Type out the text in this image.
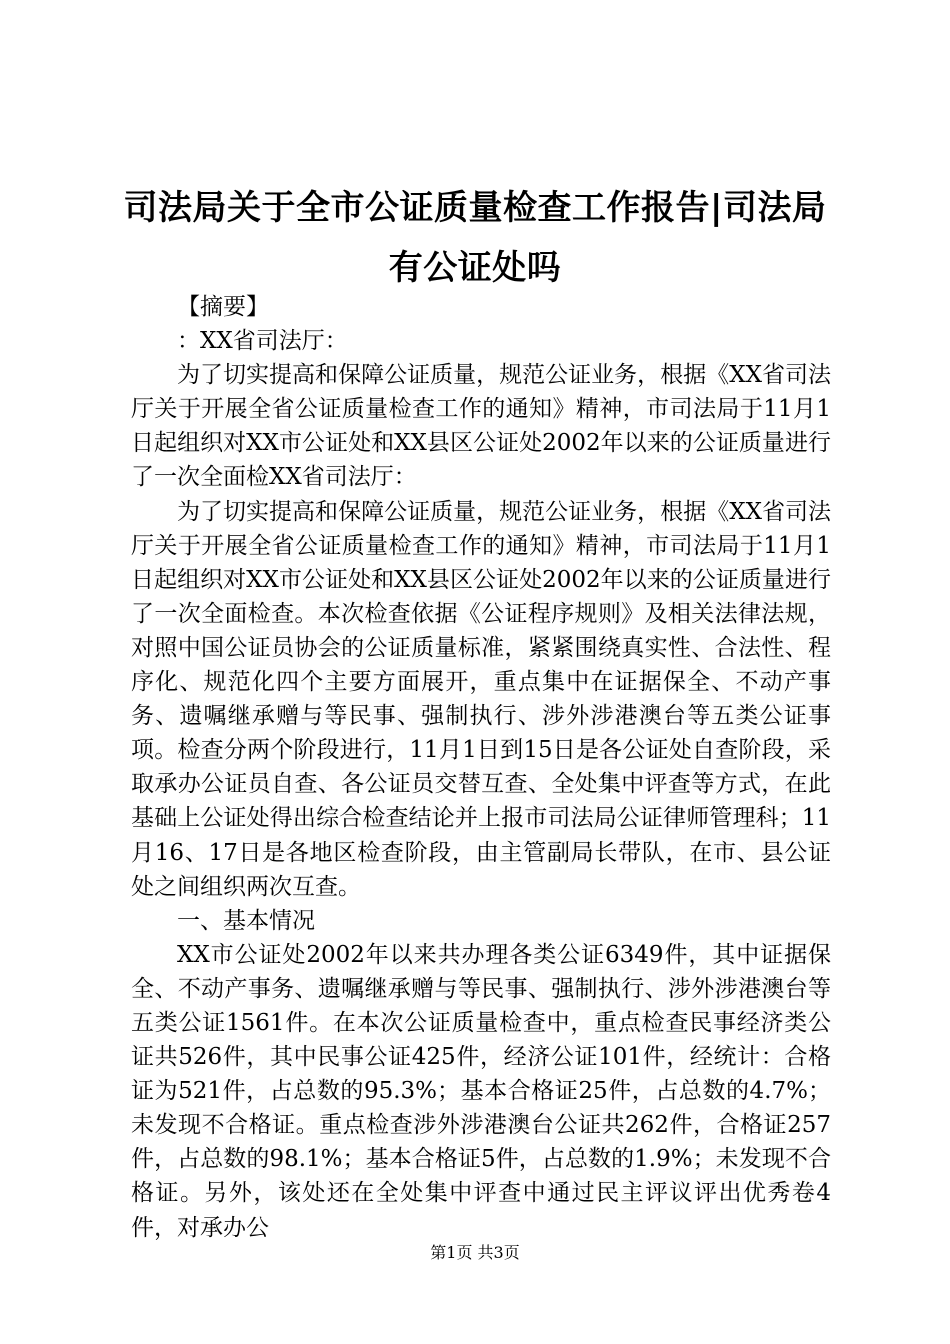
司法局关于全市公证质量检查工作报告|司法局有公证处吗

【摘要】

：XX省司法厅：

为了切实提高和保障公证质量，规范公证业务，根据《XX省司法厅关于开展全省公证质量检查工作的通知》精神，市司法局于11月1日起组织对XX市公证处和XX县区公证处2002年以来的公证质量进行了一次全面检XX省司法厅：

为了切实提高和保障公证质量，规范公证业务，根据《XX省司法厅关于开展全省公证质量检查工作的通知》精神，市司法局于11月1日起组织对XX市公证处和XX县区公证处2002年以来的公证质量进行了一次全面检查。本次检查依据《公证程序规则》及相关法律法规，对照中国公证员协会的公证质量标准，紧紧围绕真实性、合法性、程序化、规范化四个主要方面展开，重点集中在证据保全、不动产事务、遗嘱继承赠与等民事、强制执行、涉外涉港澳台等五类公证事项。检查分两个阶段进行，11月1日到15日是各公证处自查阶段，采取承办公证员自查、各公证员交替互查、全处集中评查等方式，在此基础上公证处得出综合检查结论并上报市司法局公证律师管理科；11月16、17日是各地区检查阶段，由主管副局长带队，在市、县公证处之间组织两次互查。

一、基本情况

XX市公证处2002年以来共办理各类公证6349件，其中证据保全、不动产事务、遗嘱继承赠与等民事、强制执行、涉外涉港澳台等五类公证1561件。在本次公证质量检查中，重点检查民事经济类公证共526件，其中民事公证425件，经济公证101件，经统计：合格证为521件，占总数的95.3%；基本合格证25件，占总数的4.7%；未发现不合格证。重点检查涉外涉港澳台公证共262件，合格证257件，占总数的98.1%；基本合格证5件，占总数的1.9%；未发现不合格证。另外，该处还在全处集中评查中通过民主评议评出优秀卷4件，对承办公

第1页 共3页
